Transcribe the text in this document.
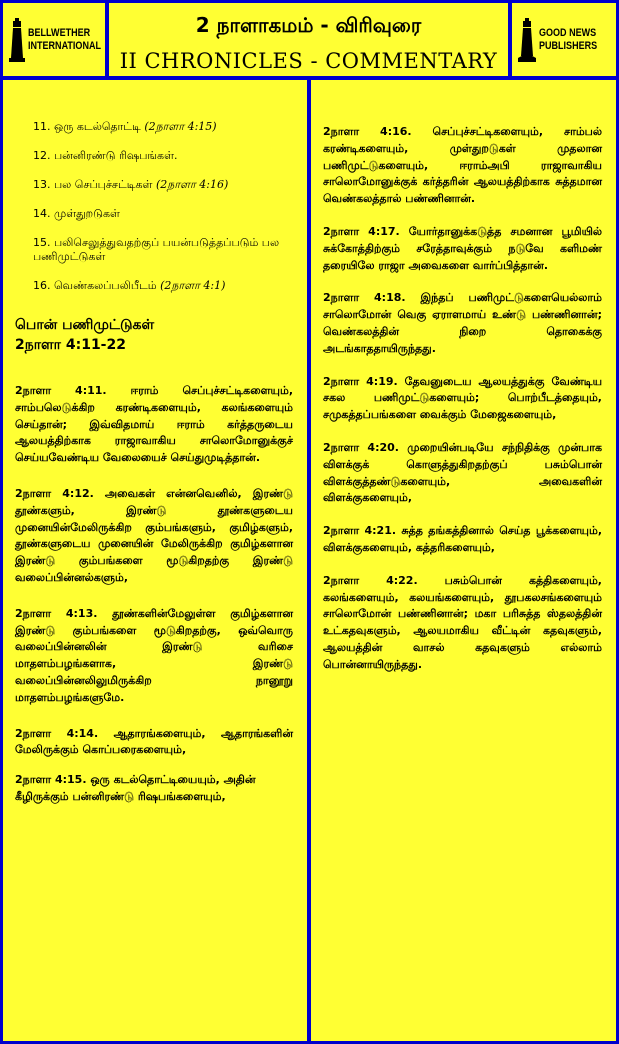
BELLWETHER
INTERNATIONAL
2 நாளாகமம் - விரிவுரை
II CHRONICLES - COMMENTARY
GOOD NEWS
PUBLISHERS
11. ஒரு கடல்தொட்டி (2நாளா 4:15)
12. பன்னிரண்டு ரிஷபங்கள்.
13. பல செப்புச்சட்டிகள் (2நாளா 4:16)
14. முள்துறடுகள்
15. பலிசெலுத்துவதற்குப் பயன்படுத்தப்படும் பல பணிமுட்டுகள்
16. வெண்கலப்பலிபீடம் (2நாளா 4:1)
பொன் பணிமுட்டுகள்
2நாளா 4:11-22

2நாளா 4:11. ஈராம் செப்புச்சட்டிகளையும், சாம்பலெடுக்கிற கரண்டிகளையும், கலங்களையும் செய்தான்; இவ்விதமாய் ஈராம் கர்த்தருடைய ஆலயத்திற்காக ராஜாவாகிய சாலொமோனுக்குச் செய்யவேண்டிய வேலையைச் செய்துமுடித்தான்.

2நாளா 4:12. அவைகள் என்னவெனில், இரண்டு தூண்களும், இரண்டு தூண்களுடைய முனையின்மேலிருக்கிற கும்பங்களும், குமிழ்களும், தூண்களுடைய முனையின் மேலிருக்கிற குமிழ்களான இரண்டு கும்பங்களை மூடுகிறதற்கு இரண்டு வலைப்பின்னல்களும்,

2நாளா 4:13. தூண்களின்மேலுள்ள குமிழ்களான இரண்டு கும்பங்களை மூடுகிறதற்கு, ஒவ்வொரு வலைப்பின்னலின் இரண்டு வரிசை மாதளம்பழங்களாக, இரண்டு வலைப்பின்னலிலுமிருக்கிற நானூறு மாதளம்பழங்களுமே.

2நாளா 4:14. ஆதாரங்களையும், ஆதாரங்களின் மேலிருக்கும் கொப்பரைகளையும்,

2நாளா 4:15. ஒரு கடல்தொட்டியையும், அதின் கீழிருக்கும் பன்னிரண்டு ரிஷபங்களையும்,

2நாளா 4:16. செப்புச்சட்டிகளையும், சாம்பல் கரண்டிகளையும், முள்துறடுகள் முதலான பணிமுட்டுகளையும், ஈராம்அபி ராஜாவாகிய சாலொமோனுக்குக் கர்த்தரின் ஆலயத்திற்காக சுத்தமான வெண்கலத்தால் பண்ணினான்.

2நாளா 4:17. யோர்தானுக்கடுத்த சமனான பூமியில் சுக்கோத்திற்கும் சரேத்தாவுக்கும் நடுவே களிமண் தரையிலே ராஜா அவைகளை வார்ப்பித்தான்.

2நாளா 4:18. இந்தப் பணிமுட்டுகளையெல்லாம் சாலொமோன் வெகு ஏராளமாய் உண்டு பண்ணினான்; வெண்கலத்தின் நிறை தொகைக்கு அடங்காததாயிருந்தது.

2நாளா 4:19. தேவனுடைய ஆலயத்துக்கு வேண்டிய சகல பணிமுட்டுகளையும்; பொற்பீடத்தையும், சமுகத்தப்பங்களை வைக்கும் மேஜைகளையும்,

2நாளா 4:20. முறையின்படியே சந்நிதிக்கு முன்பாக விளக்குக் கொளுத்துகிறதற்குப் பசும்பொன் விளக்குத்தண்டுகளையும், அவைகளின் விளக்குகளையும்,

2நாளா 4:21. சுத்த தங்கத்தினால் செய்த பூக்களையும், விளக்குகளையும், கத்தரிகளையும்,

2நாளா 4:22. பசும்பொன் கத்திகளையும், கலங்களையும், கலயங்களையும், தூபகலசங்களையும் சாலொமோன் பண்ணினான்; மகா பரிசுத்த ஸ்தலத்தின் உட்கதவுகளும், ஆலயமாகிய வீட்டின் கதவுகளும், ஆலயத்தின் வாசல் கதவுகளும் எல்லாம் பொன்னாயிருந்தது.
